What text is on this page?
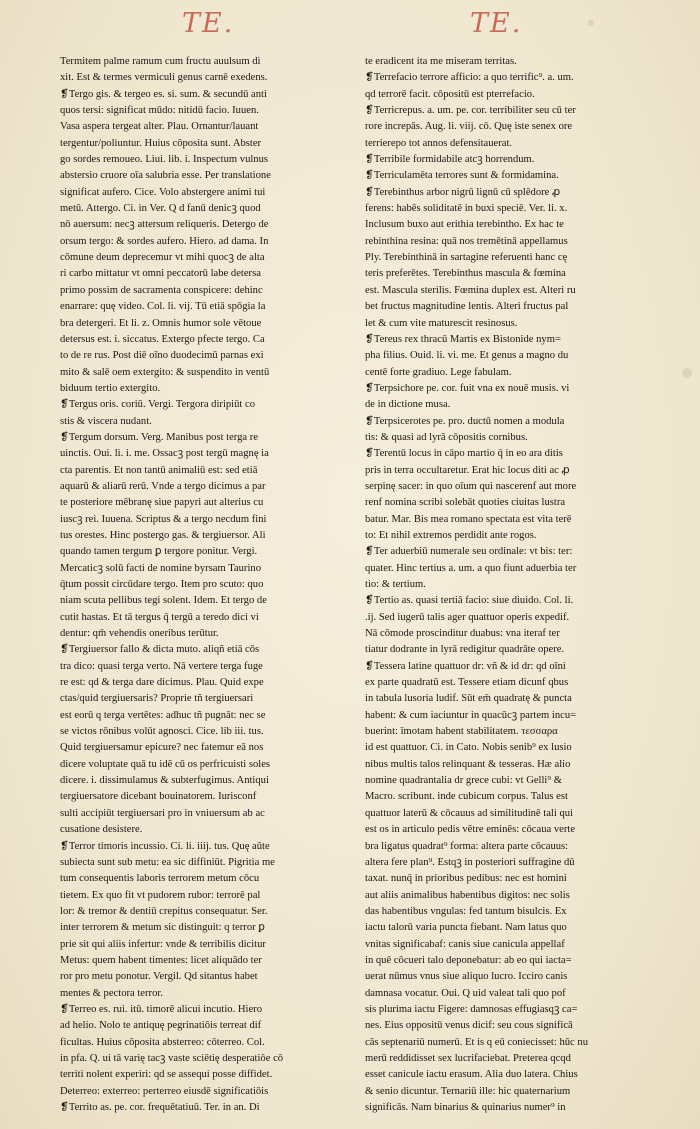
TE.	TE.
Termitem palme ramum cum fructu auulsum di
xit. Est & termes vermiculi genus carnē exedens.
❡Tergo gis. & tergeo es. si. sum. & secundū anti
quos tersi: significat mūdo: nitidū facio. Iuuen.
Vasa aspera tergeat alter. Plau. Ornantur/lauant
tergentur/poliuntur. Huius cōposita sunt. Abster
go sordes remoueo. Liui. lib. i. Inspectum vulnus
abstersio cruore oīa salubria esse. Per translatione
significat aufero. Cice. Volo abstergere animi tui
metū. Attergo. Ci. in Ver. Q d fanū denicꝫ quod
nō auersum: necꝫ attersum reliqueris. Detergo de
orsum tergo: & sordes aufero. Hiero. ad dama. In
cōmune deum deprecemur vt mihi quocꝫ de alta
ri carbo mittatur vt omni peccatorū labe detersa
primo possim de sacramenta conspicere: dehinc
enarrare: quę video. Col. li. vij. Tū etiā spōgia la
bra detergeri. Et li. z. Omnis humor sole vētoue
detersus est. i. siccatus. Extergo pfecte tergo. Ca
to de re rus. Post diē oīno duodecimū parnas exi
mito & salē oem extergito: & suspendito in ventū
biduum tertio extergito.
❡Tergus oris. coriū. Vergi. Tergora diripiūt co
stis & viscera nudant.
❡Tergum dorsum. Verg. Manibus post terga re
uinctis. Oui. li. i. me. Ossacꝫ post tergū magnę ia
cta parentis. Et non tantū animaliū est: sed etiā
aquarū & aliarū rerū. Vnde a tergo dicimus a par
te posteriore mēbranę siue papyri aut alterius cu
iuscꝫ rei. Iuuena. Scriptus & a tergo necdum fini
tus orestes. Hinc postergo gas. & tergiuersor. Ali
quando tamen tergum ꝑ tergore ponitur. Vergi.
Mercaticꝫ solū facti de nomine byrsam Taurino
q̄tum possit circūdare tergo. Item pro scuto: quo
niam scuta pellibus tegi solent. Idem. Et tergo de
cutit hastas. Et tā tergus q̄ tergū a teredo dici vi
dentur: qm̄ vehendis oneribus terūtur.
❡Tergiuersor fallo & dicta muto. aliqñ etiā cōs
tra dico: quasi terga verto. Nā vertere terga fuge
re est: qd & terga dare dicimus. Plau. Quid expe
ctas/quid tergiuersaris? Proprie tñ tergiuersari
est eorū q terga vertētes: adhuc tñ pugnāt: nec se
se victos rōnibus volūt agnosci. Cice. lib iii. tus.
Quid tergiuersamur epicure? nec fatemur eā nos
dicere voluptate quā tu idē cū os perfricuisti soles
dicere. i. dissimulamus & subterfugimus. Antiqui
tergiuersatore dicebant bouinatorem. Iurisconf
sulti accipiūt tergiuersari pro in vniuersum ab ac
cusatione desistere.
❡Terror timoris incussio. Ci. li. iiij. tus. Quę aūte
subiecta sunt sub metu: ea sic diffiniūt. Pigritia me
tum consequentis laboris terrorem metum cōcu
tietem. Ex quo fit vt pudorem rubor: terrorē pal
lor: & tremor & dentiū crepitus consequatur. Ser.
inter terrorem & metum sic distinguit: q terror ꝑ
prie sit qui aliis infertur: vnde & terribilis dicitur
Metus: quem habent timentes: licet aliquādo ter
ror pro metu ponotur. Vergil. Qd sitantus habet
mentes & pectora terror.
❡Terreo es. rui. itū. timorē alicui incutio. Hiero
ad helio. Nolo te antiquę pegrinatiōis terreat dif
ficultas. Huius cōposita absterreo: cōterreo. Col.
in pfa. Q. ui tā varię tacꝫ vaste sciētię desperatiōe cō
territi nolent experiri: qd se assequi posse diffidet.
Deterreo: exterreo: perterreo eiusdē significatiōis
❡Territo as. pe. cor. frequētatiuū. Ter. in an. Di
te eradicent ita me miseram territas.
❡Terrefacio terrore afficio: a quo terrific⁹. a. um.
qd terrorē facit. cōpositū est pterrefacio.
❡Terricrepus. a. um. pe. cor. terribiliter seu cū ter
rore increpās. Aug. li. viij. cō. Quę iste senex ore
terrierepo tot annos defensitauerat.
❡Terribile formidabile atcꝫ horrendum.
❡Terriculamēta terrores sunt & formidamina.
❡Terebinthus arbor nigrū lignū cū splēdore ꝓ
ferens: habēs soliditatē in buxi speciē. Ver. li. x.
Inclusum buxo aut erithia terebintho. Ex hac te
rebinthina resina: quā nos tremētinā appellamus
Ply. Terebinthinā in sartagine referuenti hanc cę
teris preferētes. Terebinthus mascula & fœmina
est. Mascula sterilis. Fœmina duplex est. Alteri ru
bet fructus magnitudine lentis. Alteri fructus pal
let & cum vite maturescit resinosus.
❡Tereus rex thracū Martis ex Bistonide nym=
pha filius. Ouid. li. vi. me. Et genus a magno du
centē forte gradiuo. Lege fabulam.
❡Terpsichore pe. cor. fuit vna ex nouē musis. vi
de in dictione musa.
❡Terpsicerotes pe. pro. ductū nomen a modula
tis: & quasi ad lyrā cōpositis cornibus.
❡Terentū locus in cāpo martio q̄ in eo ara ditis
pris in terra occultaretur. Erat hic locus diti ac ꝓ
serpinę sacer: in quo oīum qui nascerenf aut more
renf nomina scribi solebāt quoties ciuitas lustra
batur. Mar. Bis mea romano spectata est vita terē
to: Et nihil extremos perdidit ante rogos.
❡Ter aduerbiū numerale seu ordinale: vt bis: ter:
quater. Hinc tertius a. um. a quo fiunt aduerbia ter
tio: & tertium.
❡Tertio as. quasi tertiā facio: siue diuido. Col. li.
.ij. Sed iugerū talis ager quattuor operis expedif.
Nā cōmode proscinditur duabus: vna iteraf ter
tiatur dodrante in lyrā redigitur quadrāte opere.
❡Tessera latine quattuor dr: vñ & id dr: qd oīni
ex parte quadratū est. Tessere etiam dicunf qbus
in tabula lusoria ludif. Sūt em̄ quadratę & puncta
habent: & cum iaciuntur in quacūcꝫ partem incu=
buerint: īmotam habent stabilitatem. τεσσαρα
id est quattuor. Ci. in Cato. Nobis senib⁹ ex lusio
nibus multis talos relinquant & tesseras. Hæ alio
nomine quadrantalia dr grece cubi: vt Gelli⁹ &
Macro. scribunt. inde cubicum corpus. Talus est
quattuor laterū & cōcauus ad similitudinē tali qui
est os in articulo pedis vētre eminēs: cōcaua verte
bra ligatus quadrat⁹ forma: altera parte cōcauus:
altera fere plan⁹. Estqꝫ in posteriori suffragine dū
taxat. nunq̄ in prioribus pedibus: nec est homini
aut aliis animalibus habentibus digitos: nec solis
das habentibus vngulas: fed tantum bisulcis. Ex
iactu talorū varia puncta fiebant. Nam latus quo
vnitas significabaf: canis siue canicula appellaf
in quē cōcueri talo deponebatur: ab eo qui iacta=
uerat nūmus vnus siue aliquo lucro. Icciro canis
damnasa vocatur. Oui. Q uid valeat tali quo pof
sis plurima iactu Figere: damnosas effugiasqꝫ ca=
nes. Eius oppositū venus dicif: seu cous significā
cās septenariū numerū. Et is q eū coniecisset: hūc nu
merū reddidisset sex lucrifaciebat. Preterea qcqd
esset canicule iactu erasum. Alia duo latera. Chius
& senio dicuntur. Ternariū ille: hic quaternarium
significās. Nam binarius & quinarius numer⁹ in
